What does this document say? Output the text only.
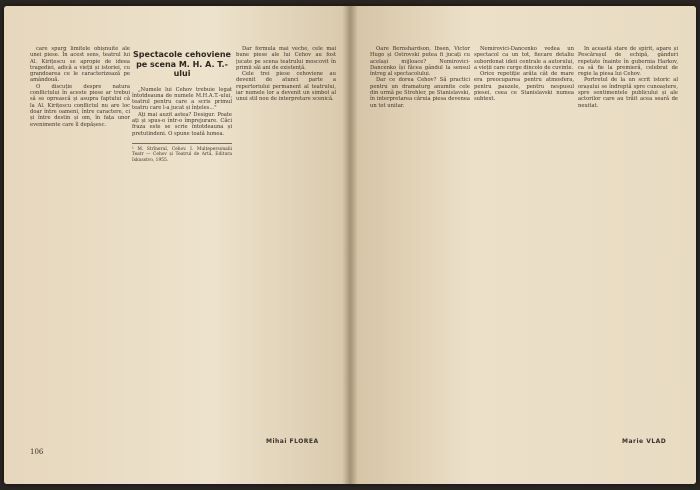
care spurg limitele obișnuite ale unei piese. În acest sens, teatrul lui Al. Kirițescu se apropie de ideea tragediei, adică a vieții și istoriei, cu grandoarea ce le caracterizează pe amândouă.

O discuție despre natura conflictului în aceste piese ar trebui să se oprească și asupra faptului că la Al. Kirițescu conflictul nu are loc doar între oameni, între caractere, ci și între destin și om, în fața unor evenimente care îl depășesc.

Spectacole cehoviene pe scena M. H. A. T.-ului

„Numele lui Cehov trebuie legat întotdeauna de numele M.H.A.T.-ului, teatrul pentru care a scris primul teatru care l-a jucat și înțeles..."

Ați mai auzit astea? Desigur. Poate ați și spus-o într-o împrejurare. Căci fraza este se scrie întotdeauna și pretutindeni. O spune toată lumea.

¹ M. Strînerul, Cehov. I. Mulțepersonalii Teatr — Cehov și Teatrul de Artă, Editura Iskusstvo, 1955.

Dar formula mai veche, cele mai bune piese ale lui Cehov au fost jucate pe scena teatrului moscovit în primii săi ani de existență.

Cele trei piese cehoviene au devenit de atunci parte a repertoriului permanent al teatrului, iar numele lor a devenit un simbol al unui stil nou de interpretare scenică.

Mihai FLOREA
106

Oare Bernshardson, Ibsen, Victor Hugo și Ostrovski putea fi jucați cu același mijloace? Nemirovici-Dancenko își făcea gândul la sensul întreg al spectacolului.

Dar ce dorea Cehov? Să practici pentru un dramaturg anumite cele din urmă pe Strehler, pe Stanislavski, în interpretarea căruia piesa devenea un tot unitar.

Nemirovici-Dancenko vedea un spectacol ca un tot, fiecare detaliu subordonat ideii centrale a autorului, a vieții care curge dincolo de cuvinte.

Orice repetiție arăta cât de mare era preocuparea pentru atmosfera, pentru pauzele, pentru nespusul piesei, ceea ce Stanislavski numea subtext.

În această stare de spirit, apare și Pescărușul de echipă, gânduri repetate înainte în gubernia Harkov, ca să fie la premieră, celebrat de regie la piesa lui Cehov.

Portretul de la un scrit istoric al orașului se îndreptă spre cunoaștere, spre sentimentele publicului și ale actorilor care au trăit acea seară de neuitat.

Marie VLAD
